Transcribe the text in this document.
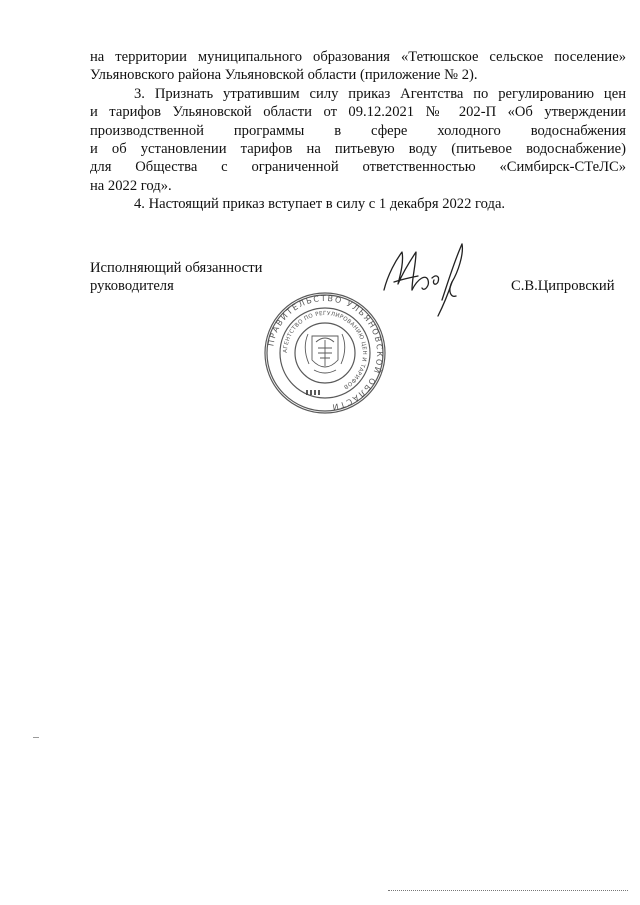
на территории муниципального образования «Тетюшское сельское поселение»
Ульяновского района Ульяновской области (приложение № 2).

3. Признать утратившим силу приказ Агентства по регулированию цен
и тарифов Ульяновской области от 09.12.2021 № 202-П «Об утверждении
производственной программы в сфере холодного водоснабжения
и об установлении тарифов на питьевую воду (питьевое водоснабжение)
для Общества с ограниченной ответственностью «Симбирск-СТеЛС»
на 2022 год».

4. Настоящий приказ вступает в силу с 1 декабря 2022 года.

Исполняющий обязанности
руководителя	С.В.Ципровский
ПРАВИТЕЛЬСТВО УЛЬЯНОВСКОЙ ОБЛАСТИ
АГЕНТСТВО ПО РЕГУЛИРОВАНИЮ ЦЕН И ТАРИФОВ
